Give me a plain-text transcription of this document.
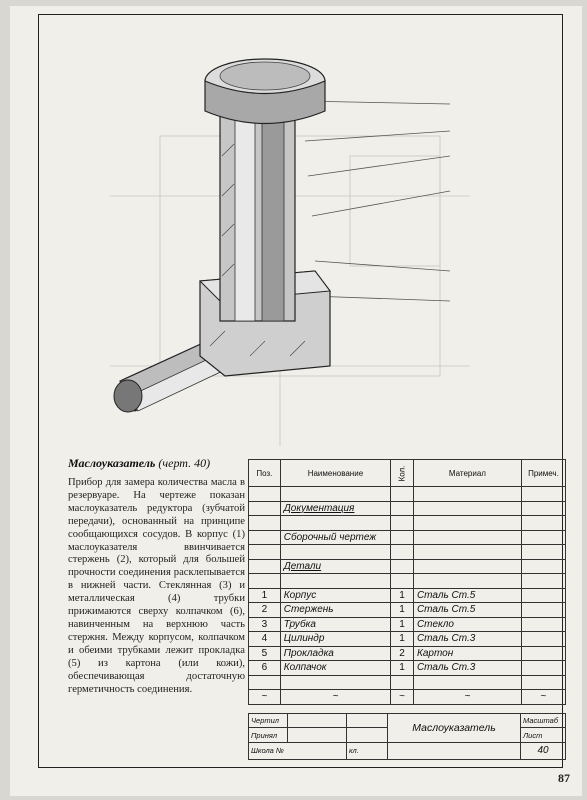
Маслоуказатель (черт. 40)
Прибор для замера количества масла в резервуаре. На чертеже показан маслоуказатель редуктора (зубчатой передачи), основанный на принципе сообщающихся сосудов. В корпус (1) маслоуказателя ввинчивается стержень (2), который для большей прочности соединения расклепывается в нижней части. Стеклянная (3) и металлическая (4) трубки прижимаются сверху колпачком (6), навинченным на верхнюю часть стержня. Между корпусом, колпачком и обеими трубками лежит прокладка (5) из картона (или кожи), обеспечивающая достаточную герметичность соединения.
Поз.	Наименование	Кол.	Материал	Примеч.

	Документация			

	Сборочный чертеж			

	Детали			

1	Корпус	1	Сталь Ст.5	
2	Стержень	1	Сталь Ст.5	
3	Трубка	1	Стекло	
4	Цилиндр	1	Сталь Ст.3	
5	Прокладка	2	Картон	
6	Колпачок	1	Сталь Ст.3	

~	~	~	~	~
Чертил			Маслоуказатель	Масштаб
Принял				Лист
Школа №		кл.		40
87
